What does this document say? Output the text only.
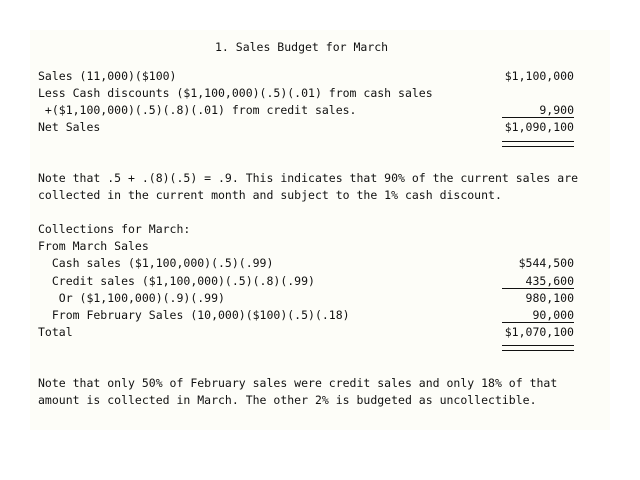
1. Sales Budget for March
Sales (11,000)($100)	$1,100,000
Less Cash discounts ($1,100,000)(.5)(.01) from cash sales
+($1,100,000)(.5)(.8)(.01) from credit sales.	9,900
Net Sales	$1,090,100
Note that .5 + .(8)(.5) = .9. This indicates that 90% of the current sales are
collected in the current month and subject to the 1% cash discount.
Collections for March:
From March Sales
Cash sales ($1,100,000)(.5)(.99)	$544,500
Credit sales ($1,100,000)(.5)(.8)(.99)	435,600
Or ($1,100,000)(.9)(.99)	980,100
From February Sales (10,000)($100)(.5)(.18)	90,000
Total	$1,070,100
Note that only 50% of February sales were credit sales and only 18% of that
amount is collected in March. The other 2% is budgeted as uncollectible.
